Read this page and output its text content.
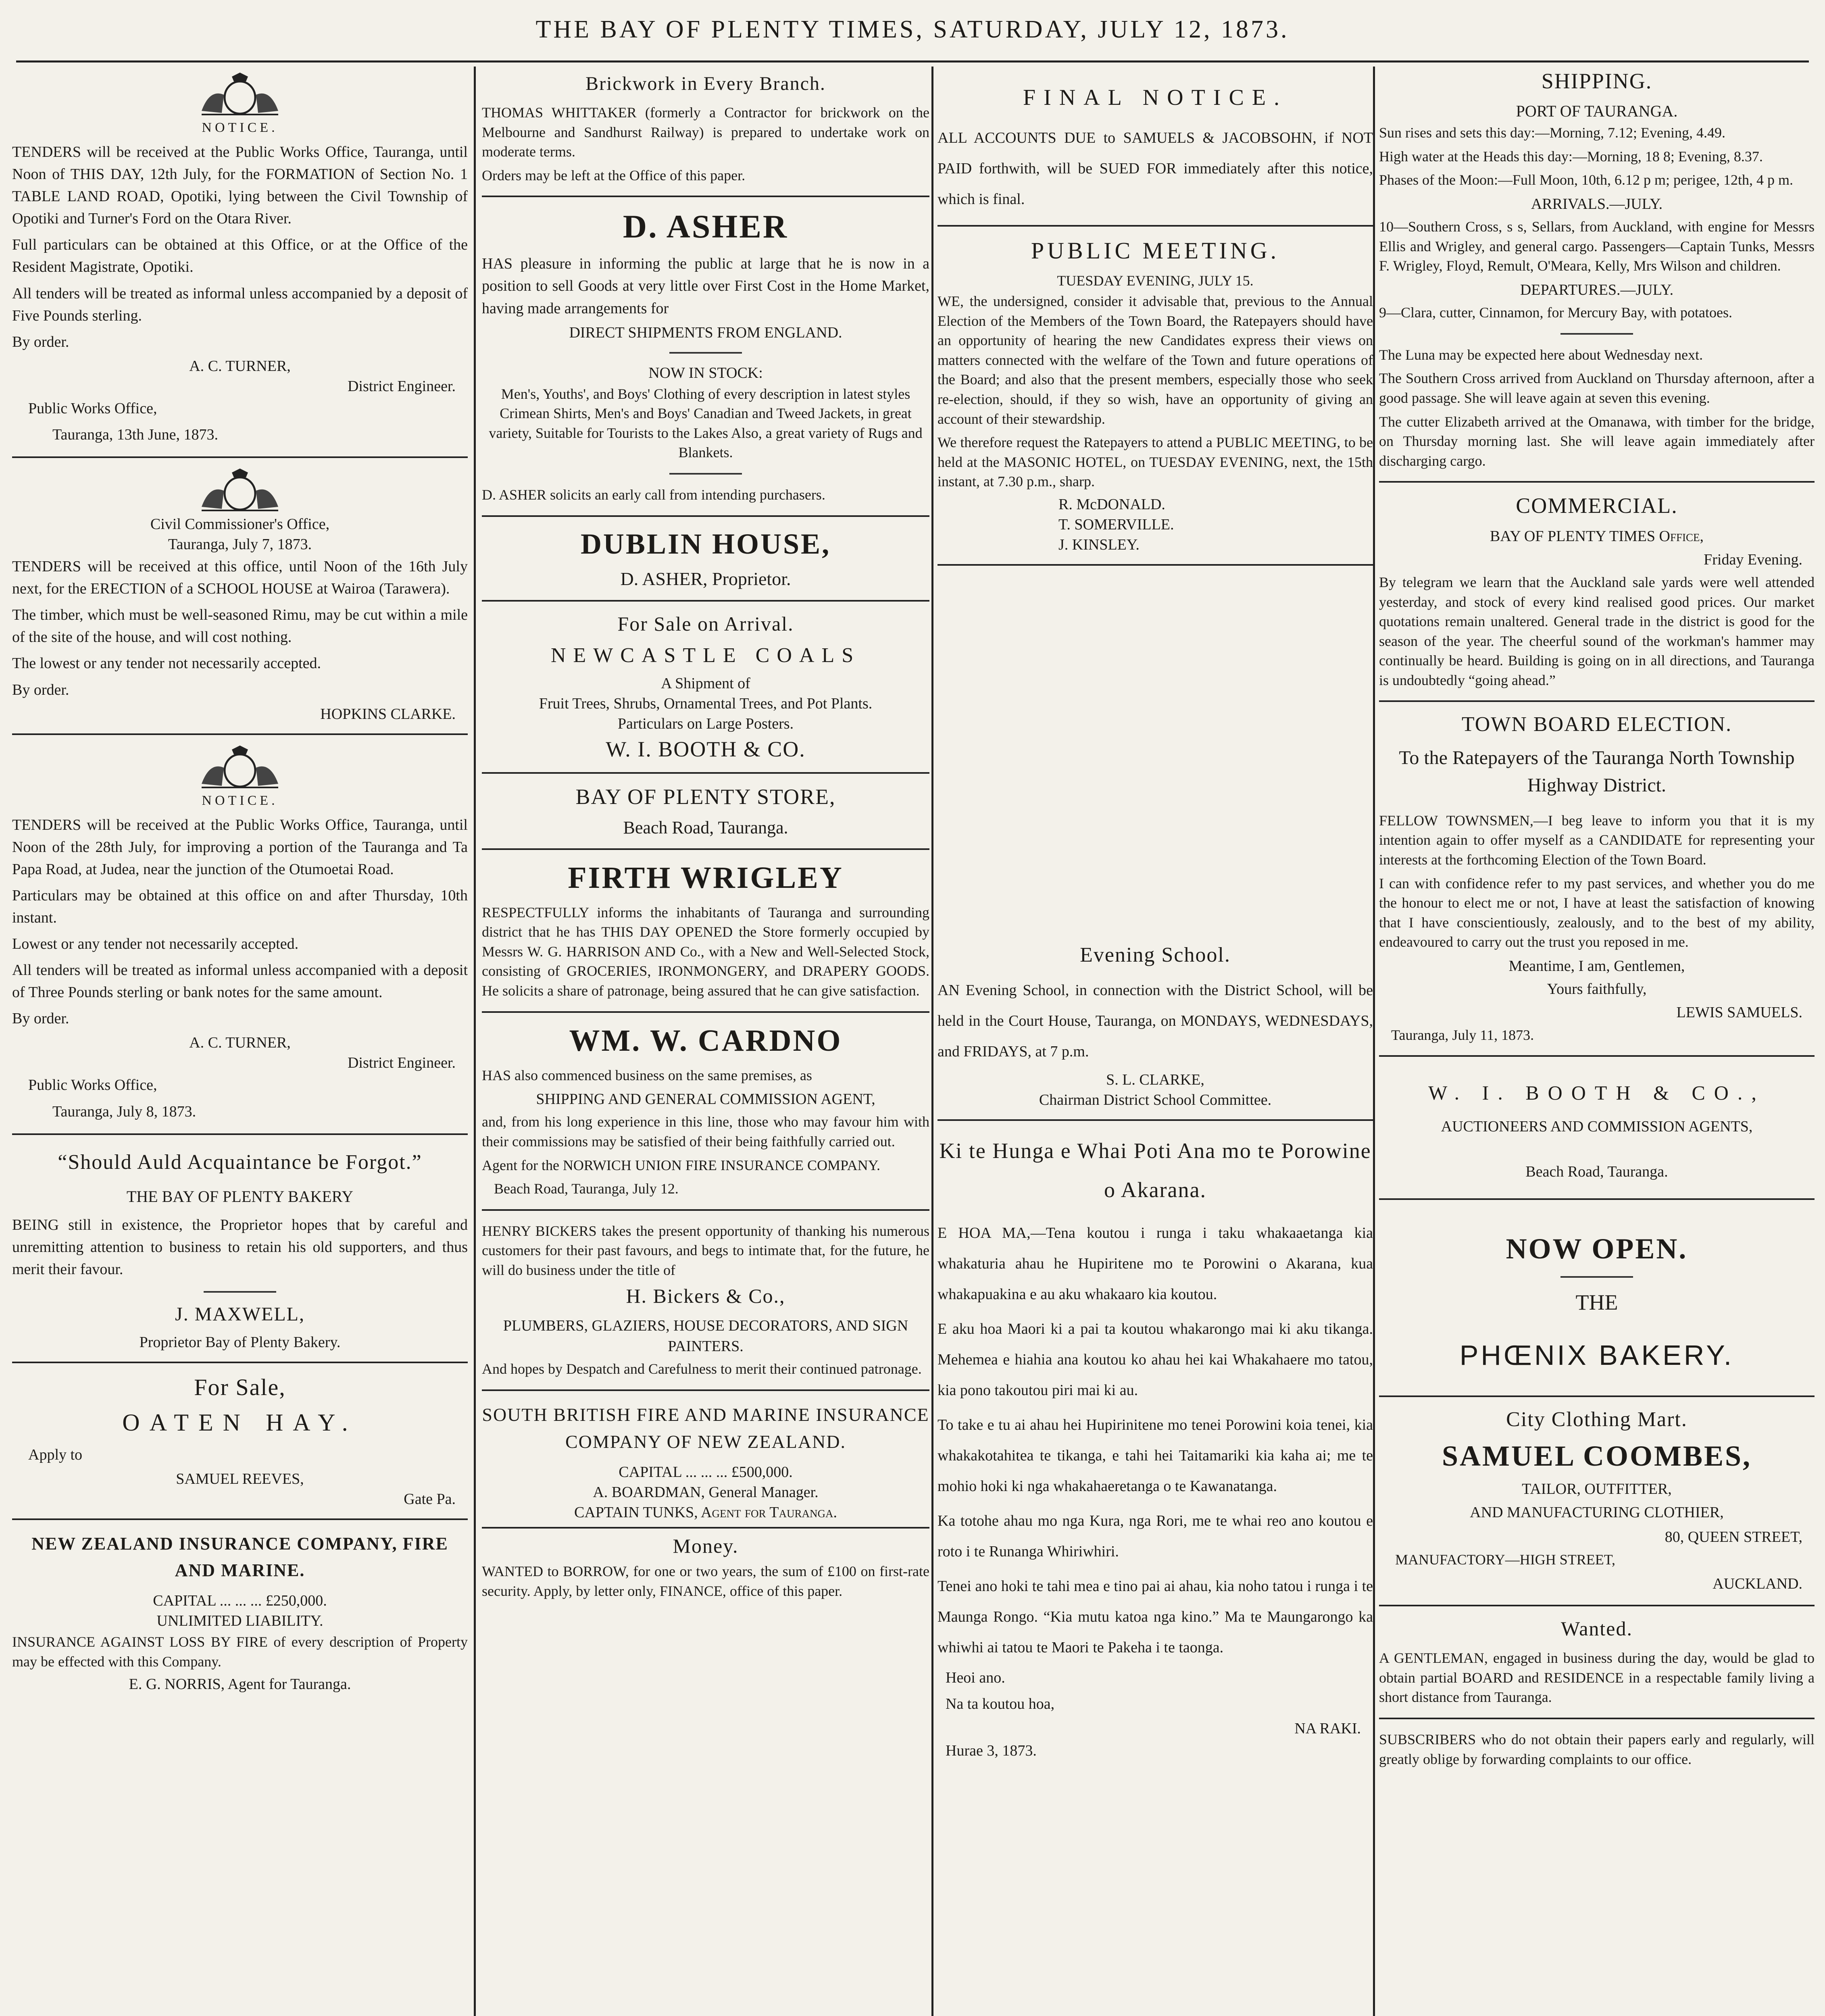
THE BAY OF PLENTY TIMES, SATURDAY, JULY 12, 1873.
NOTICE.

TENDERS will be received at the Public Works Office, Tauranga, until Noon of THIS DAY, 12th July, for the FORMATION of Section No. 1 TABLE LAND ROAD, Opotiki, lying between the Civil Township of Opotiki and Turner's Ford on the Otara River.

Full particulars can be obtained at this Office, or at the Office of the Resident Magistrate, Opotiki.

All tenders will be treated as informal unless accompanied by a deposit of Five Pounds sterling.

By order.
A. C. TURNER,
District Engineer.
Public Works Office,
Tauranga, 13th June, 1873.
Civil Commissioner's Office,
Tauranga, July 7, 1873.

TENDERS will be received at this office, until Noon of the 16th July next, for the ERECTION of a SCHOOL HOUSE at Wairoa (Tarawera).

The timber, which must be well-seasoned Rimu, may be cut within a mile of the site of the house, and will cost nothing.

The lowest or any tender not necessarily accepted.

By order.
HOPKINS CLARKE.
NOTICE.

TENDERS will be received at the Public Works Office, Tauranga, until Noon of the 28th July, for improving a portion of the Tauranga and Ta Papa Road, at Judea, near the junction of the Otumoetai Road.

Particulars may be obtained at this office on and after Thursday, 10th instant.

Lowest or any tender not necessarily accepted.

All tenders will be treated as informal unless accompanied with a deposit of Three Pounds sterling or bank notes for the same amount.

By order.
A. C. TURNER,
District Engineer.
Public Works Office,
Tauranga, July 8, 1873.
“Should Auld Acquaintance be Forgot.”
THE BAY OF PLENTY BAKERY

BEING still in existence, the Proprietor hopes that by careful and unremitting attention to business to retain his old supporters, and thus merit their favour.

J. MAXWELL,
Proprietor Bay of Plenty Bakery.
For Sale,
OATEN HAY.
Apply to
SAMUEL REEVES,
Gate Pa.
NEW ZEALAND INSURANCE COMPANY, FIRE AND MARINE.
CAPITAL ... ... ... £250,000.
UNLIMITED LIABILITY.

INSURANCE AGAINST LOSS BY FIRE of every description of Property may be effected with this Company.

E. G. NORRIS, Agent for Tauranga.
Brickwork in Every Branch.

THOMAS WHITTAKER (formerly a Contractor for brickwork on the Melbourne and Sandhurst Railway) is prepared to undertake work on moderate terms.

Orders may be left at the Office of this paper.

D. ASHER

HAS pleasure in informing the public at large that he is now in a position to sell Goods at very little over First Cost in the Home Market, having made arrangements for

DIRECT SHIPMENTS FROM ENGLAND.
NOW IN STOCK:

Men's, Youths', and Boys' Clothing of every description in latest styles Crimean Shirts, Men's and Boys' Canadian and Tweed Jackets, in great variety, Suitable for Tourists to the Lakes Also, a great variety of Rugs and Blankets.

D. ASHER solicits an early call from intending purchasers.

DUBLIN HOUSE,
D. ASHER, Proprietor.
For Sale on Arrival.
NEWCASTLE COALS
A Shipment of
Fruit Trees, Shrubs, Ornamental Trees, and Pot Plants.
Particulars on Large Posters.
W. I. BOOTH & CO.
BAY OF PLENTY STORE,
Beach Road, Tauranga.
FIRTH WRIGLEY

RESPECTFULLY informs the inhabitants of Tauranga and surrounding district that he has THIS DAY OPENED the Store formerly occupied by Messrs W. G. HARRISON AND Co., with a New and Well-Selected Stock, consisting of GROCERIES, IRONMONGERY, and DRAPERY GOODS. He solicits a share of patronage, being assured that he can give satisfaction.

WM. W. CARDNO

HAS also commenced business on the same premises, as

SHIPPING AND GENERAL COMMISSION AGENT,

and, from his long experience in this line, those who may favour him with their commissions may be satisfied of their being faithfully carried out.

Agent for the NORWICH UNION FIRE INSURANCE COMPANY.

Beach Road, Tauranga, July 12.

HENRY BICKERS takes the present opportunity of thanking his numerous customers for their past favours, and begs to intimate that, for the future, he will do business under the title of

H. Bickers & Co.,
PLUMBERS, GLAZIERS, HOUSE DECORATORS, AND SIGN PAINTERS.

And hopes by Despatch and Carefulness to merit their continued patronage.

SOUTH BRITISH FIRE AND MARINE INSURANCE COMPANY OF NEW ZEALAND.
CAPITAL ... ... ... £500,000.
A. BOARDMAN, General Manager.
CAPTAIN TUNKS, Agent for Tauranga.
Money.

WANTED to BORROW, for one or two years, the sum of £100 on first-rate security. Apply, by letter only, FINANCE, office of this paper.

FINAL NOTICE.

ALL ACCOUNTS DUE to SAMUELS & JACOBSOHN, if NOT PAID forthwith, will be SUED FOR immediately after this notice, which is final.

PUBLIC MEETING.
TUESDAY EVENING, JULY 15.

WE, the undersigned, consider it advisable that, previous to the Annual Election of the Members of the Town Board, the Ratepayers should have an opportunity of hearing the new Candidates express their views on matters connected with the welfare of the Town and future operations of the Board; and also that the present members, especially those who seek re-election, should, if they so wish, have an opportunity of giving an account of their stewardship.

We therefore request the Ratepayers to attend a PUBLIC MEETING, to be held at the MASONIC HOTEL, on TUESDAY EVENING, next, the 15th instant, at 7.30 p.m., sharp.

R. McDONALD.
T. SOMERVILLE.
J. KINSLEY.
Evening School.

AN Evening School, in connection with the District School, will be held in the Court House, Tauranga, on MONDAYS, WEDNESDAYS, and FRIDAYS, at 7 p.m.

S. L. CLARKE,
Chairman District School Committee.
Ki te Hunga e Whai Poti Ana mo te Porowine o Akarana.

E HOA MA,—Tena koutou i runga i taku whakaaetanga kia whakaturia ahau he Hupiritene mo te Porowini o Akarana, kua whakapuakina e au aku whakaaro kia koutou.

E aku hoa Maori ki a pai ta koutou whakarongo mai ki aku tikanga. Mehemea e hiahia ana koutou ko ahau hei kai Whakahaere mo tatou, kia pono takoutou piri mai ki au.

To take e tu ai ahau hei Hupirinitene mo tenei Porowini koia tenei, kia whakakotahitea te tikanga, e tahi hei Taitamariki kia kaha ai; me te mohio hoki ki nga whakahaeretanga o te Kawanatanga.

Ka totohe ahau mo nga Kura, nga Rori, me te whai reo ano koutou e roto i te Runanga Whiriwhiri.

Tenei ano hoki te tahi mea e tino pai ai ahau, kia noho tatou i runga i te Maunga Rongo. “Kia mutu katoa nga kino.” Ma te Maungarongo ka whiwhi ai tatou te Maori te Pakeha i te taonga.

Heoi ano.
Na ta koutou hoa,
NA RAKI.
Hurae 3, 1873.
SHIPPING.
PORT OF TAURANGA.

Sun rises and sets this day:—Morning, 7.12; Evening, 4.49.

High water at the Heads this day:—Morning, 18 8; Evening, 8.37.

Phases of the Moon:—Full Moon, 10th, 6.12 p m; perigee, 12th, 4 p m.

ARRIVALS.—JULY.

10—Southern Cross, s s, Sellars, from Auckland, with engine for Messrs Ellis and Wrigley, and general cargo. Passengers—Captain Tunks, Messrs F. Wrigley, Floyd, Remult, O'Meara, Kelly, Mrs Wilson and children.

DEPARTURES.—JULY.

9—Clara, cutter, Cinnamon, for Mercury Bay, with potatoes.

The Luna may be expected here about Wednesday next.

The Southern Cross arrived from Auckland on Thursday afternoon, after a good passage. She will leave again at seven this evening.

The cutter Elizabeth arrived at the Omanawa, with timber for the bridge, on Thursday morning last. She will leave again immediately after discharging cargo.

COMMERCIAL.
BAY OF PLENTY TIMES Office,
Friday Evening.

By telegram we learn that the Auckland sale yards were well attended yesterday, and stock of every kind realised good prices. Our market quotations remain unaltered. General trade in the district is good for the season of the year. The cheerful sound of the workman's hammer may continually be heard. Building is going on in all directions, and Tauranga is undoubtedly “going ahead.”

TOWN BOARD ELECTION.
To the Ratepayers of the Tauranga North Township Highway District.

FELLOW TOWNSMEN,—I beg leave to inform you that it is my intention again to offer myself as a CANDIDATE for representing your interests at the forthcoming Election of the Town Board.

I can with confidence refer to my past services, and whether you do me the honour to elect me or not, I have at least the satisfaction of knowing that I have conscientiously, zealously, and to the best of my ability, endeavoured to carry out the trust you reposed in me.

Meantime, I am, Gentlemen,
Yours faithfully,
LEWIS SAMUELS.
Tauranga, July 11, 1873.
W. I. BOOTH & CO.,
AUCTIONEERS AND COMMISSION AGENTS,
Beach Road, Tauranga.
NOW OPEN.
THE
PHŒNIX BAKERY.
City Clothing Mart.
SAMUEL COOMBES,
TAILOR, OUTFITTER,
AND MANUFACTURING CLOTHIER,
80, QUEEN STREET,
MANUFACTORY—HIGH STREET,
AUCKLAND.
Wanted.

A GENTLEMAN, engaged in business during the day, would be glad to obtain partial BOARD and RESIDENCE in a respectable family living a short distance from Tauranga.

SUBSCRIBERS who do not obtain their papers early and regularly, will greatly oblige by forwarding complaints to our office.
